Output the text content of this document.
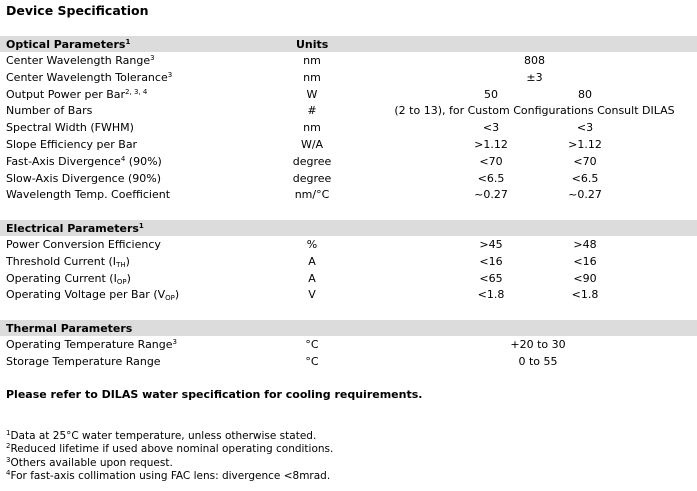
Device Specification
Optical Parameters$^1$	Units
Center Wavelength Range$^3$	nm	808
Center Wavelength Tolerance$^3$	nm	±3
Output Power per Bar$^{2, 3, 4}$	W	50	80
Number of Bars	#	(2 to 13), for Custom Configurations Consult DILAS
Spectral Width (FWHM)	nm	<3	<3
Slope Efficiency per Bar	W/A	>1.12	>1.12
Fast-Axis Divergence$^4$ (90%)	degree	<70	<70
Slow-Axis Divergence (90%)	degree	<6.5	<6.5
Wavelength Temp. Coefficient	nm/°C	~0.27	~0.27
Electrical Parameters$^1$
Power Conversion Efficiency	%	>45	>48
Threshold Current $(I_{TH})$	A	<16	<16
Operating Current $(I_{OP})$	A	<65	<90
Operating Voltage per Bar $(V_{OP})$	V	<1.8	<1.8
Thermal Parameters
Operating Temperature Range$^3$	°C	+20 to 30
Storage Temperature Range	°C	0 to 55
Please refer to DILAS water specification for cooling requirements.
$^1$Data at 25°C water temperature, unless otherwise stated.
$^2$Reduced lifetime if used above nominal operating conditions.
$^3$Others available upon request.
$^4$For fast-axis collimation using FAC lens: divergence <8mrad.
